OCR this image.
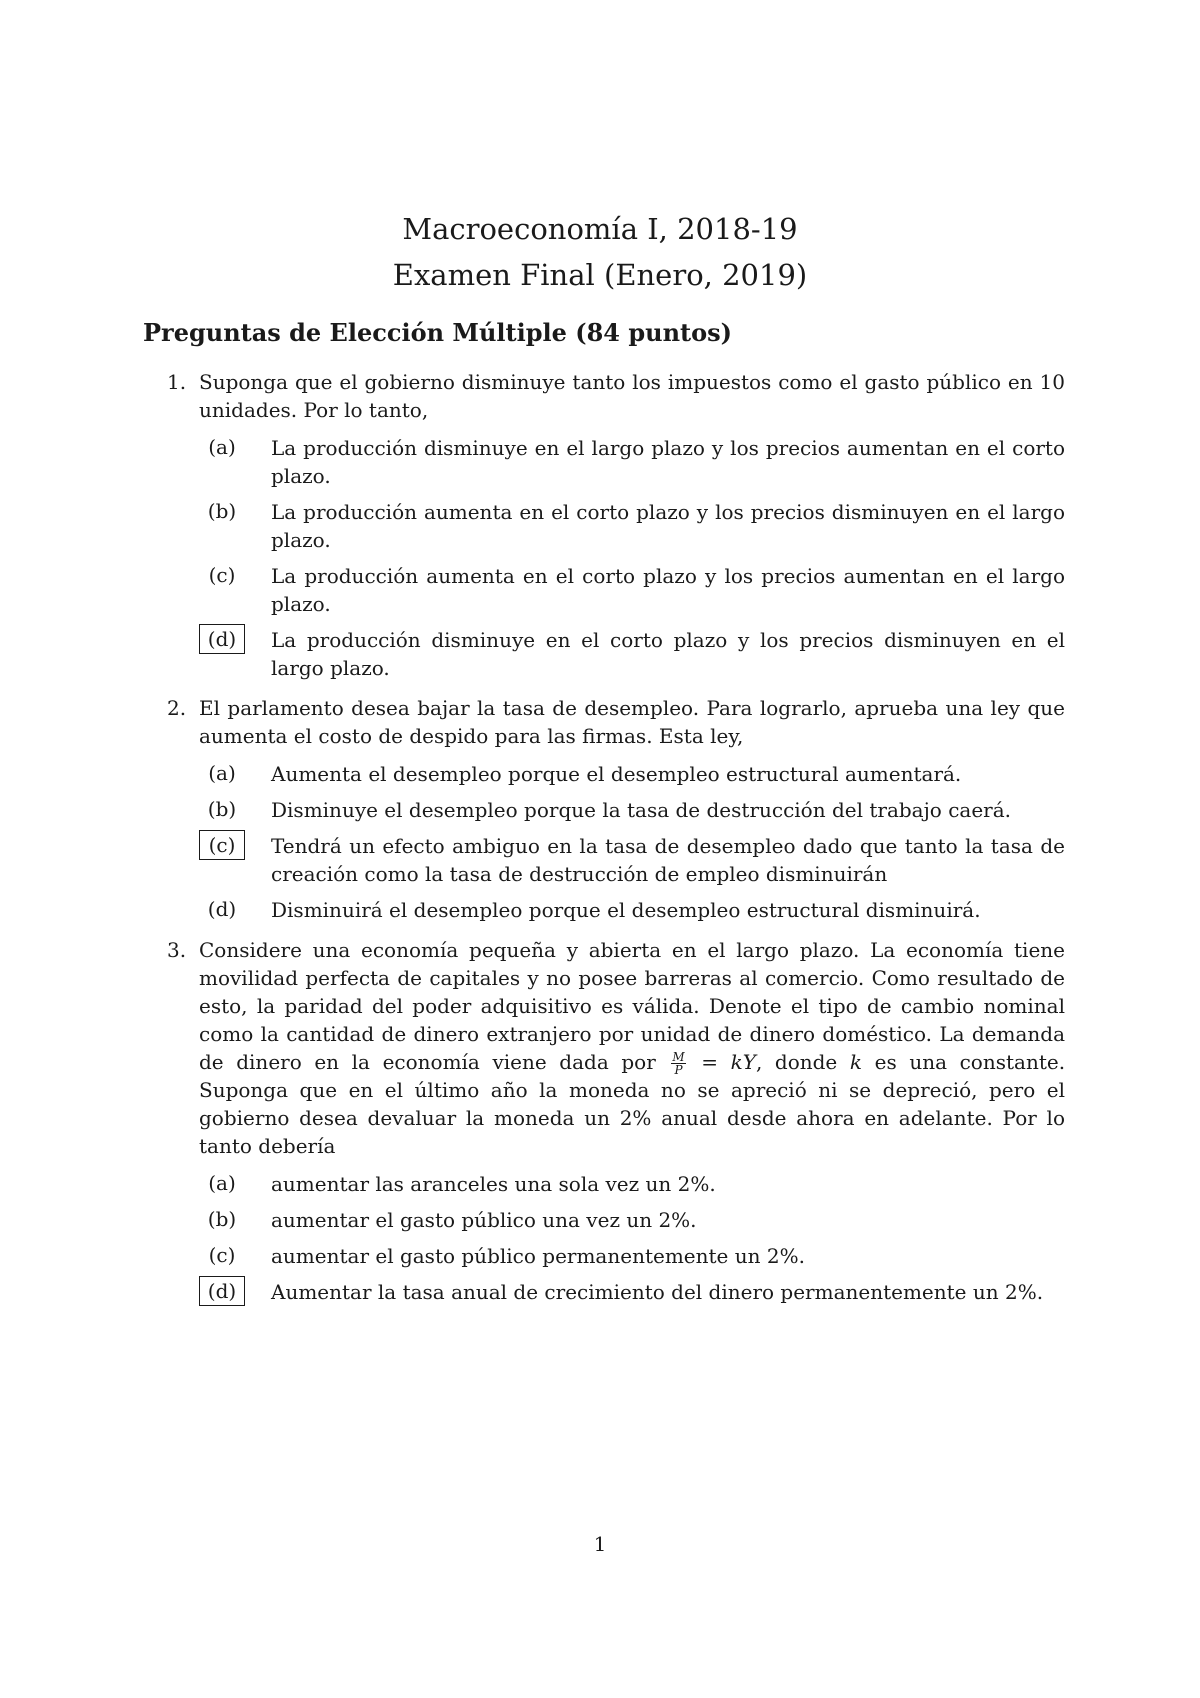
Macroeconomía I, 2018-19
Examen Final (Enero, 2019)
Preguntas de Elección Múltiple (84 puntos)
1. Suponga que el gobierno disminuye tanto los impuestos como el gasto público en 10 unidades. Por lo tanto,
(a)	La producción disminuye en el largo plazo y los precios aumentan en el corto plazo.
(b)	La producción aumenta en el corto plazo y los precios disminuyen en el largo plazo.
(c)	La producción aumenta en el corto plazo y los precios aumentan en el largo plazo.
(d)	La producción disminuye en el corto plazo y los precios disminuyen en el largo plazo.
2. El parlamento desea bajar la tasa de desempleo. Para lograrlo, aprueba una ley que aumenta el costo de despido para las firmas. Esta ley,
(a)	Aumenta el desempleo porque el desempleo estructural aumentará.
(b)	Disminuye el desempleo porque la tasa de destrucción del trabajo caerá.
(c)	Tendrá un efecto ambiguo en la tasa de desempleo dado que tanto la tasa de creación como la tasa de destrucción de empleo disminuirán
(d)	Disminuirá el desempleo porque el desempleo estructural disminuirá.
3. Considere una economía pequeña y abierta en el largo plazo. La economía tiene movilidad perfecta de capitales y no posee barreras al comercio. Como resultado de esto, la paridad del poder adquisitivo es válida. Denote el tipo de cambio nominal como la cantidad de dinero extranjero por unidad de dinero doméstico. La demanda de dinero en la economía viene dada por $\frac{M}{P}$ = kY, donde k es una constante. Suponga que en el último año la moneda no se apreció ni se depreció, pero el gobierno desea devaluar la moneda un 2% anual desde ahora en adelante. Por lo tanto debería
(a)	aumentar las aranceles una sola vez un 2%.
(b)	aumentar el gasto público una vez un 2%.
(c)	aumentar el gasto público permanentemente un 2%.
(d)	Aumentar la tasa anual de crecimiento del dinero permanentemente un 2%.
1
